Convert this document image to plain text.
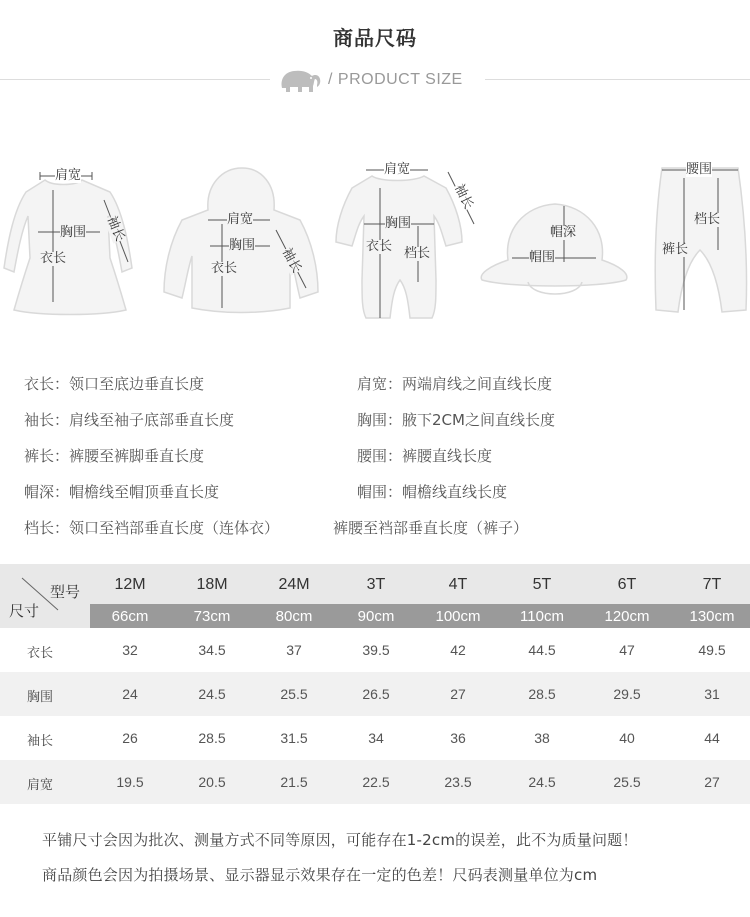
商品尺码
/ PRODUCT SIZE
肩宽
胸围 袖长
衣长
肩宽
胸围
衣长	袖长
肩宽
袖长
胸围
衣长 档长
帽深
帽围
腰围
档长
裤长
衣长：领口至底边垂直长度	肩宽：两端肩线之间直线长度
袖长：肩线至袖子底部垂直长度	胸围：腋下2CM之间直线长度
裤长：裤腰至裤脚垂直长度	腰围：裤腰直线长度
帽深：帽檐线至帽顶垂直长度	帽围：帽檐线直线长度
档长：领口至裆部垂直长度（连体衣）	裤腰至裆部垂直长度（裤子）
型号
尺寸
12M	18M	24M	3T	4T	5T	6T	7T
66cm	73cm	80cm	90cm	100cm	110cm	120cm	130cm
衣长	32	34.5	37	39.5	42	44.5	47	49.5
胸围	24	24.5	25.5	26.5	27	28.5	29.5	31
袖长	26	28.5	31.5	34	36	38	40	44
肩宽	19.5	20.5	21.5	22.5	23.5	24.5	25.5	27
平铺尺寸会因为批次、测量方式不同等原因，可能存在1-2cm的误差，此不为质量问题！
商品颜色会因为拍摄场景、显示器显示效果存在一定的色差！尺码表测量单位为cm
